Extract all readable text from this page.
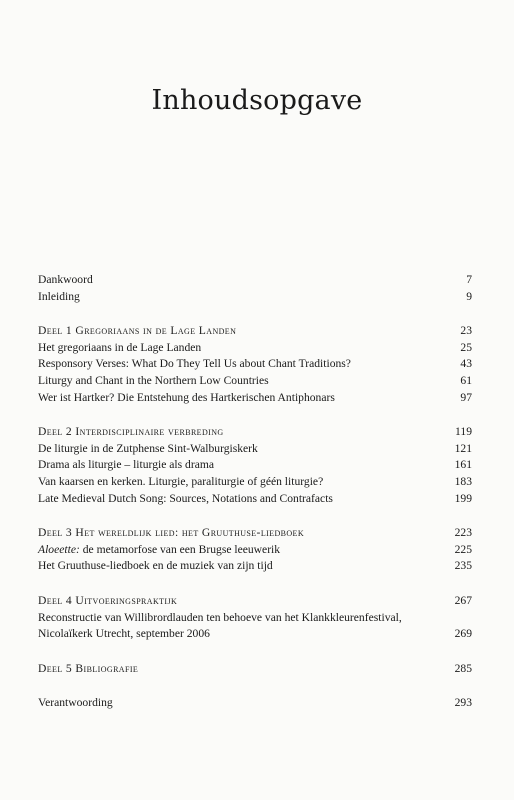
Inhoudsopgave
Dankwoord	7
Inleiding	9
Deel 1 Gregoriaans in de Lage Landen	23
Het gregoriaans in de Lage Landen	25
Responsory Verses: What Do They Tell Us about Chant Traditions?	43
Liturgy and Chant in the Northern Low Countries	61
Wer ist Hartker? Die Entstehung des Hartkerischen Antiphonars	97
Deel 2 Interdisciplinaire verbreding	119
De liturgie in de Zutphense Sint-Walburgiskerk	121
Drama als liturgie – liturgie als drama	161
Van kaarsen en kerken. Liturgie, paraliturgie of géén liturgie?	183
Late Medieval Dutch Song: Sources, Notations and Contrafacts	199
Deel 3 Het wereldlijk lied: het Gruuthuse-liedboek	223
Aloeette: de metamorfose van een Brugse leeuwerik	225
Het Gruuthuse-liedboek en de muziek van zijn tijd	235
Deel 4 Uitvoeringspraktijk	267
Reconstructie van Willibrordlauden ten behoeve van het Klankkleurenfestival,
Nicolaïkerk Utrecht, september 2006	269
Deel 5 Bibliografie	285
Verantwoording	293
